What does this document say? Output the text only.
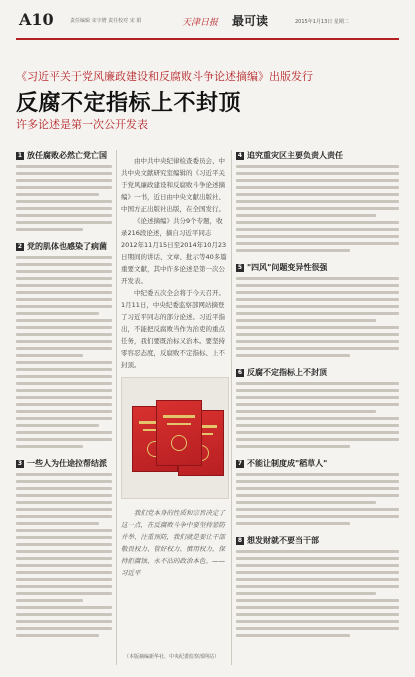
A10	责任编辑 宋宇增 责任校对 宋 娟	天津日报 最可读	2015年1月13日 星期二
《习近平关于党风廉政建设和反腐败斗争论述摘编》出版发行
反腐不定指标上不封顶
许多论述是第一次公开发表
1 放任腐败必然亡党亡国
2 党的肌体也感染了病菌
3 一些人为仕途拉帮结派

由中共中央纪律检查委员会、中共中央文献研究室编辑的《习近平关于党风廉政建设和反腐败斗争论述摘编》一书，近日由中央文献出版社、中国方正出版社出版，在全国发行。

《论述摘编》共分9个专题，收录216段论述，摘自习近平同志2012年11月15日至2014年10月23日期间的讲话、文章、批示等40多篇重要文献，其中许多论述是第一次公开发表。

中纪委五次全会将于今天召开。1月11日，中央纪委监察部网站摘登了习近平同志的部分论述。习近平指出，不能把反腐败当作为治吏的重点任务，我们要既治标又治本。要坚持零容忍态度，反腐败不定指标、上不封顶。

我们党本身的性质和宗旨决定了这一点，在反腐败斗争中要坚持惩防并举、注重预防，我们就是要让干部敬畏权力、管好权力、慎用权力，保持拒腐蚀、永不沾的政治本色。——习近平

（本版摘编新华社、中央纪委监察部网站）
4 追究重灾区主要负责人责任
5 "四风"问题变异性很强
6 反腐不定指标上不封顶
7 不能让制度成"稻草人"
8 想发财就不要当干部
